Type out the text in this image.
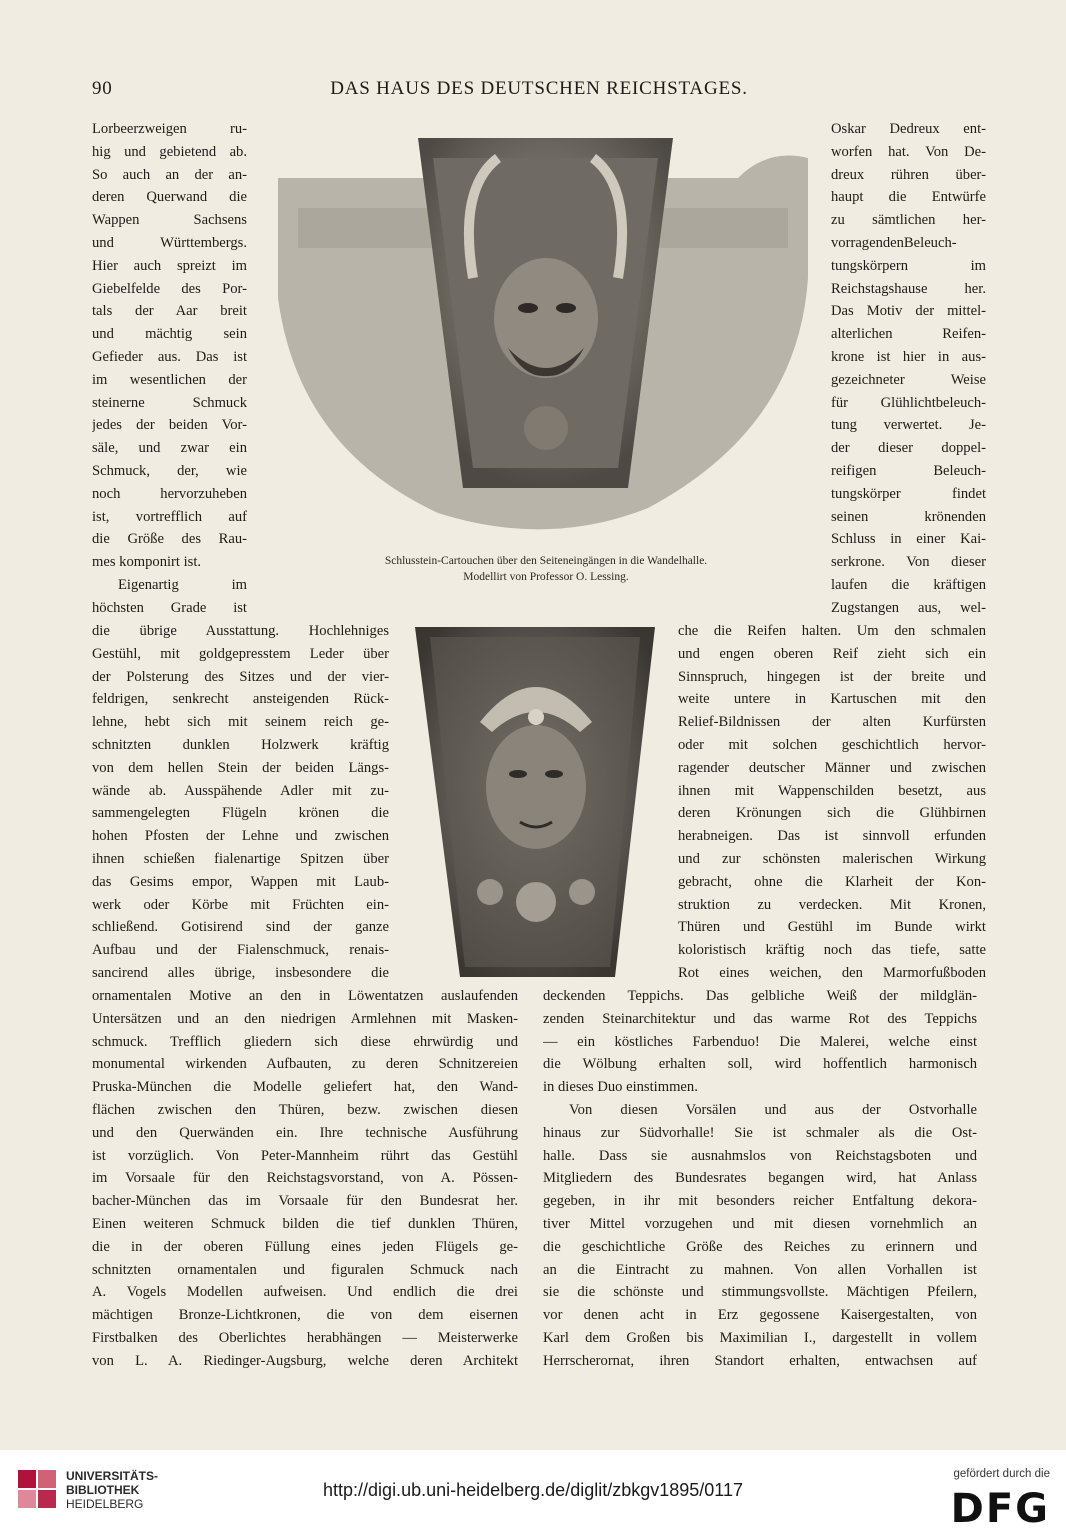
90	DAS HAUS DES DEUTSCHEN REICHSTAGES.
Schlusstein-Cartouchen über den Seiteneingängen in die Wandelhalle.
Modellirt von Professor O. Lessing.
Lorbeerzweigen ru-
hig und gebietend ab.
So auch an der an-
deren Querwand die
Wappen Sachsens
und Württembergs.
Hier auch spreizt im
Giebelfelde des Por-
tals der Aar breit
und mächtig sein
Gefieder aus. Das ist
im wesentlichen der
steinerne Schmuck
jedes der beiden Vor-
säle, und zwar ein
Schmuck, der, wie
noch hervorzuheben
ist, vortrefflich auf
die Größe des Rau-
mes komponirt ist.
Eigenartig im
höchsten Grade ist
Oskar Dedreux ent-
worfen hat. Von De-
dreux rühren über-
haupt die Entwürfe
zu sämtlichen her-
vorragendenBeleuch-
tungskörpern im
Reichstagshause her.
Das Motiv der mittel-
alterlichen Reifen-
krone ist hier in aus-
gezeichneter Weise
für Glühlichtbeleuch-
tung verwertet. Je-
der dieser doppel-
reifigen Beleuch-
tungskörper findet
seinen krönenden
Schluss in einer Kai-
serkrone. Von dieser
laufen die kräftigen
Zugstangen aus, wel-
die übrige Ausstattung. Hochlehniges
Gestühl, mit goldgepresstem Leder über
der Polsterung des Sitzes und der vier-
feldrigen, senkrecht ansteigenden Rück-
lehne, hebt sich mit seinem reich ge-
schnitzten dunklen Holzwerk kräftig
von dem hellen Stein der beiden Längs-
wände ab. Ausspähende Adler mit zu-
sammengelegten Flügeln krönen die
hohen Pfosten der Lehne und zwischen
ihnen schießen fialenartige Spitzen über
das Gesims empor, Wappen mit Laub-
werk oder Körbe mit Früchten ein-
schließend. Gotisirend sind der ganze
Aufbau und der Fialenschmuck, renais-
sancirend alles übrige, insbesondere die
che die Reifen halten. Um den schmalen
und engen oberen Reif zieht sich ein
Sinnspruch, hingegen ist der breite und
weite untere in Kartuschen mit den
Relief-Bildnissen der alten Kurfürsten
oder mit solchen geschichtlich hervor-
ragender deutscher Männer und zwischen
ihnen mit Wappenschilden besetzt, aus
deren Krönungen sich die Glühbirnen
herabneigen. Das ist sinnvoll erfunden
und zur schönsten malerischen Wirkung
gebracht, ohne die Klarheit der Kon-
struktion zu verdecken. Mit Kronen,
Thüren und Gestühl im Bunde wirkt
koloristisch kräftig noch das tiefe, satte
Rot eines weichen, den Marmorfußboden
ornamentalen Motive an den in Löwentatzen auslaufenden
Untersätzen und an den niedrigen Armlehnen mit Masken-
schmuck. Trefflich gliedern sich diese ehrwürdig und
monumental wirkenden Aufbauten, zu deren Schnitzereien
Pruska-München die Modelle geliefert hat, den Wand-
flächen zwischen den Thüren, bezw. zwischen diesen
und den Querwänden ein. Ihre technische Ausführung
ist vorzüglich. Von Peter-Mannheim rührt das Gestühl
im Vorsaale für den Reichstagsvorstand, von A. Pössen-
bacher-München das im Vorsaale für den Bundesrat her.
Einen weiteren Schmuck bilden die tief dunklen Thüren,
die in der oberen Füllung eines jeden Flügels ge-
schnitzten ornamentalen und figuralen Schmuck nach
A. Vogels Modellen aufweisen. Und endlich die drei
mächtigen Bronze-Lichtkronen, die von dem eisernen
Firstbalken des Oberlichtes herabhängen — Meisterwerke
von L. A. Riedinger-Augsburg, welche deren Architekt
deckenden Teppichs. Das gelbliche Weiß der mildglän-
zenden Steinarchitektur und das warme Rot des Teppichs
— ein köstliches Farbenduo! Die Malerei, welche einst
die Wölbung erhalten soll, wird hoffentlich harmonisch
in dieses Duo einstimmen.
Von diesen Vorsälen und aus der Ostvorhalle
hinaus zur Südvorhalle! Sie ist schmaler als die Ost-
halle. Dass sie ausnahmslos von Reichstagsboten und
Mitgliedern des Bundesrates begangen wird, hat Anlass
gegeben, in ihr mit besonders reicher Entfaltung dekora-
tiver Mittel vorzugehen und mit diesen vornehmlich an
die geschichtliche Größe des Reiches zu erinnern und
an die Eintracht zu mahnen. Von allen Vorhallen ist
sie die schönste und stimmungsvollste. Mächtigen Pfeilern,
vor denen acht in Erz gegossene Kaisergestalten, von
Karl dem Großen bis Maximilian I., dargestellt in vollem
Herrscherornat, ihren Standort erhalten, entwachsen auf
UNIVERSITÄTS-
BIBLIOTHEK
HEIDELBERG
http://digi.ub.uni-heidelberg.de/diglit/zbkgv1895/0117
gefördert durch die
DFG
